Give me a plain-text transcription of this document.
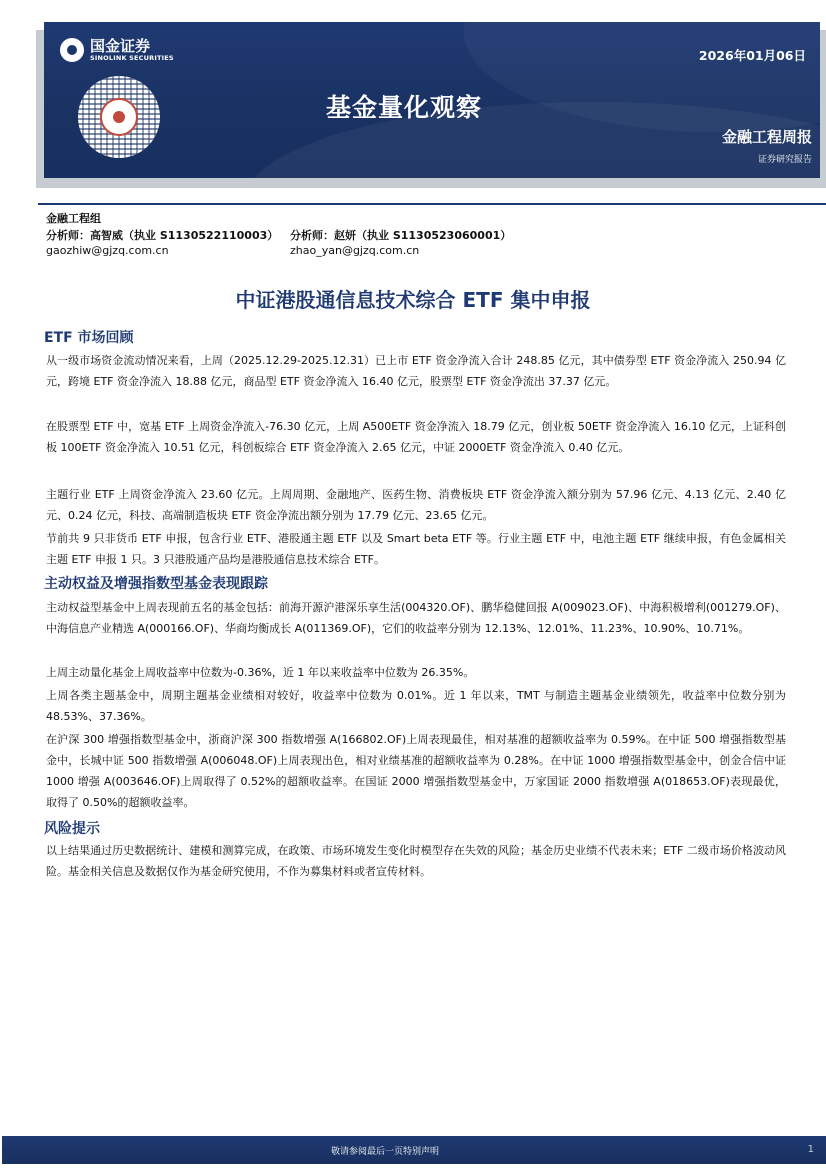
国金证券
SINOLINK SECURITIES	2026年01月06日
基金量化观察
金融工程周报
证券研究报告
金融工程组
分析师：高智威（执业 S1130522110003） 分析师：赵妍（执业 S1130523060001）
gaozhiw@gjzq.com.cn	zhao_yan@gjzq.com.cn
中证港股通信息技术综合 ETF 集中申报
ETF 市场回顾
从一级市场资金流动情况来看，上周（2025.12.29-2025.12.31）已上市 ETF 资金净流入合计 248.85 亿元，其中债券型 ETF 资金净流入 250.94 亿元，跨境 ETF 资金净流入 18.88 亿元，商品型 ETF 资金净流入 16.40 亿元，股票型 ETF 资金净流出 37.37 亿元。
在股票型 ETF 中，宽基 ETF 上周资金净流入-76.30 亿元，上周 A500ETF 资金净流入 18.79 亿元，创业板 50ETF 资金净流入 16.10 亿元，上证科创板 100ETF 资金净流入 10.51 亿元，科创板综合 ETF 资金净流入 2.65 亿元，中证 2000ETF 资金净流入 0.40 亿元。
主题行业 ETF 上周资金净流入 23.60 亿元。上周周期、金融地产、医药生物、消费板块 ETF 资金净流入额分别为 57.96 亿元、4.13 亿元、2.40 亿元、0.24 亿元，科技、高端制造板块 ETF 资金净流出额分别为 17.79 亿元、23.65 亿元。
节前共 9 只非货币 ETF 申报，包含行业 ETF、港股通主题 ETF 以及 Smart beta ETF 等。行业主题 ETF 中，电池主题 ETF 继续申报，有色金属相关主题 ETF 申报 1 只。3 只港股通产品均是港股通信息技术综合 ETF。
主动权益及增强指数型基金表现跟踪
主动权益型基金中上周表现前五名的基金包括：前海开源沪港深乐享生活(004320.OF)、鹏华稳健回报 A(009023.OF)、中海积极增利(001279.OF)、中海信息产业精选 A(000166.OF)、华商均衡成长 A(011369.OF)，它们的收益率分别为 12.13%、12.01%、11.23%、10.90%、10.71%。
上周主动量化基金上周收益率中位数为-0.36%，近 1 年以来收益率中位数为 26.35%。
上周各类主题基金中，周期主题基金业绩相对较好，收益率中位数为 0.01%。近 1 年以来，TMT 与制造主题基金业绩领先，收益率中位数分别为 48.53%、37.36%。
在沪深 300 增强指数型基金中，浙商沪深 300 指数增强 A(166802.OF)上周表现最佳，相对基准的超额收益率为 0.59%。在中证 500 增强指数型基金中，长城中证 500 指数增强 A(006048.OF)上周表现出色，相对业绩基准的超额收益率为 0.28%。在中证 1000 增强指数型基金中，创金合信中证 1000 增强 A(003646.OF)上周取得了 0.52%的超额收益率。在国证 2000 增强指数型基金中，万家国证 2000 指数增强 A(018653.OF)表现最优，取得了 0.50%的超额收益率。
风险提示
以上结果通过历史数据统计、建模和测算完成，在政策、市场环境发生变化时模型存在失效的风险；基金历史业绩不代表未来；ETF 二级市场价格波动风险。基金相关信息及数据仅作为基金研究使用，不作为募集材料或者宣传材料。
敬请参阅最后一页特别声明	1
